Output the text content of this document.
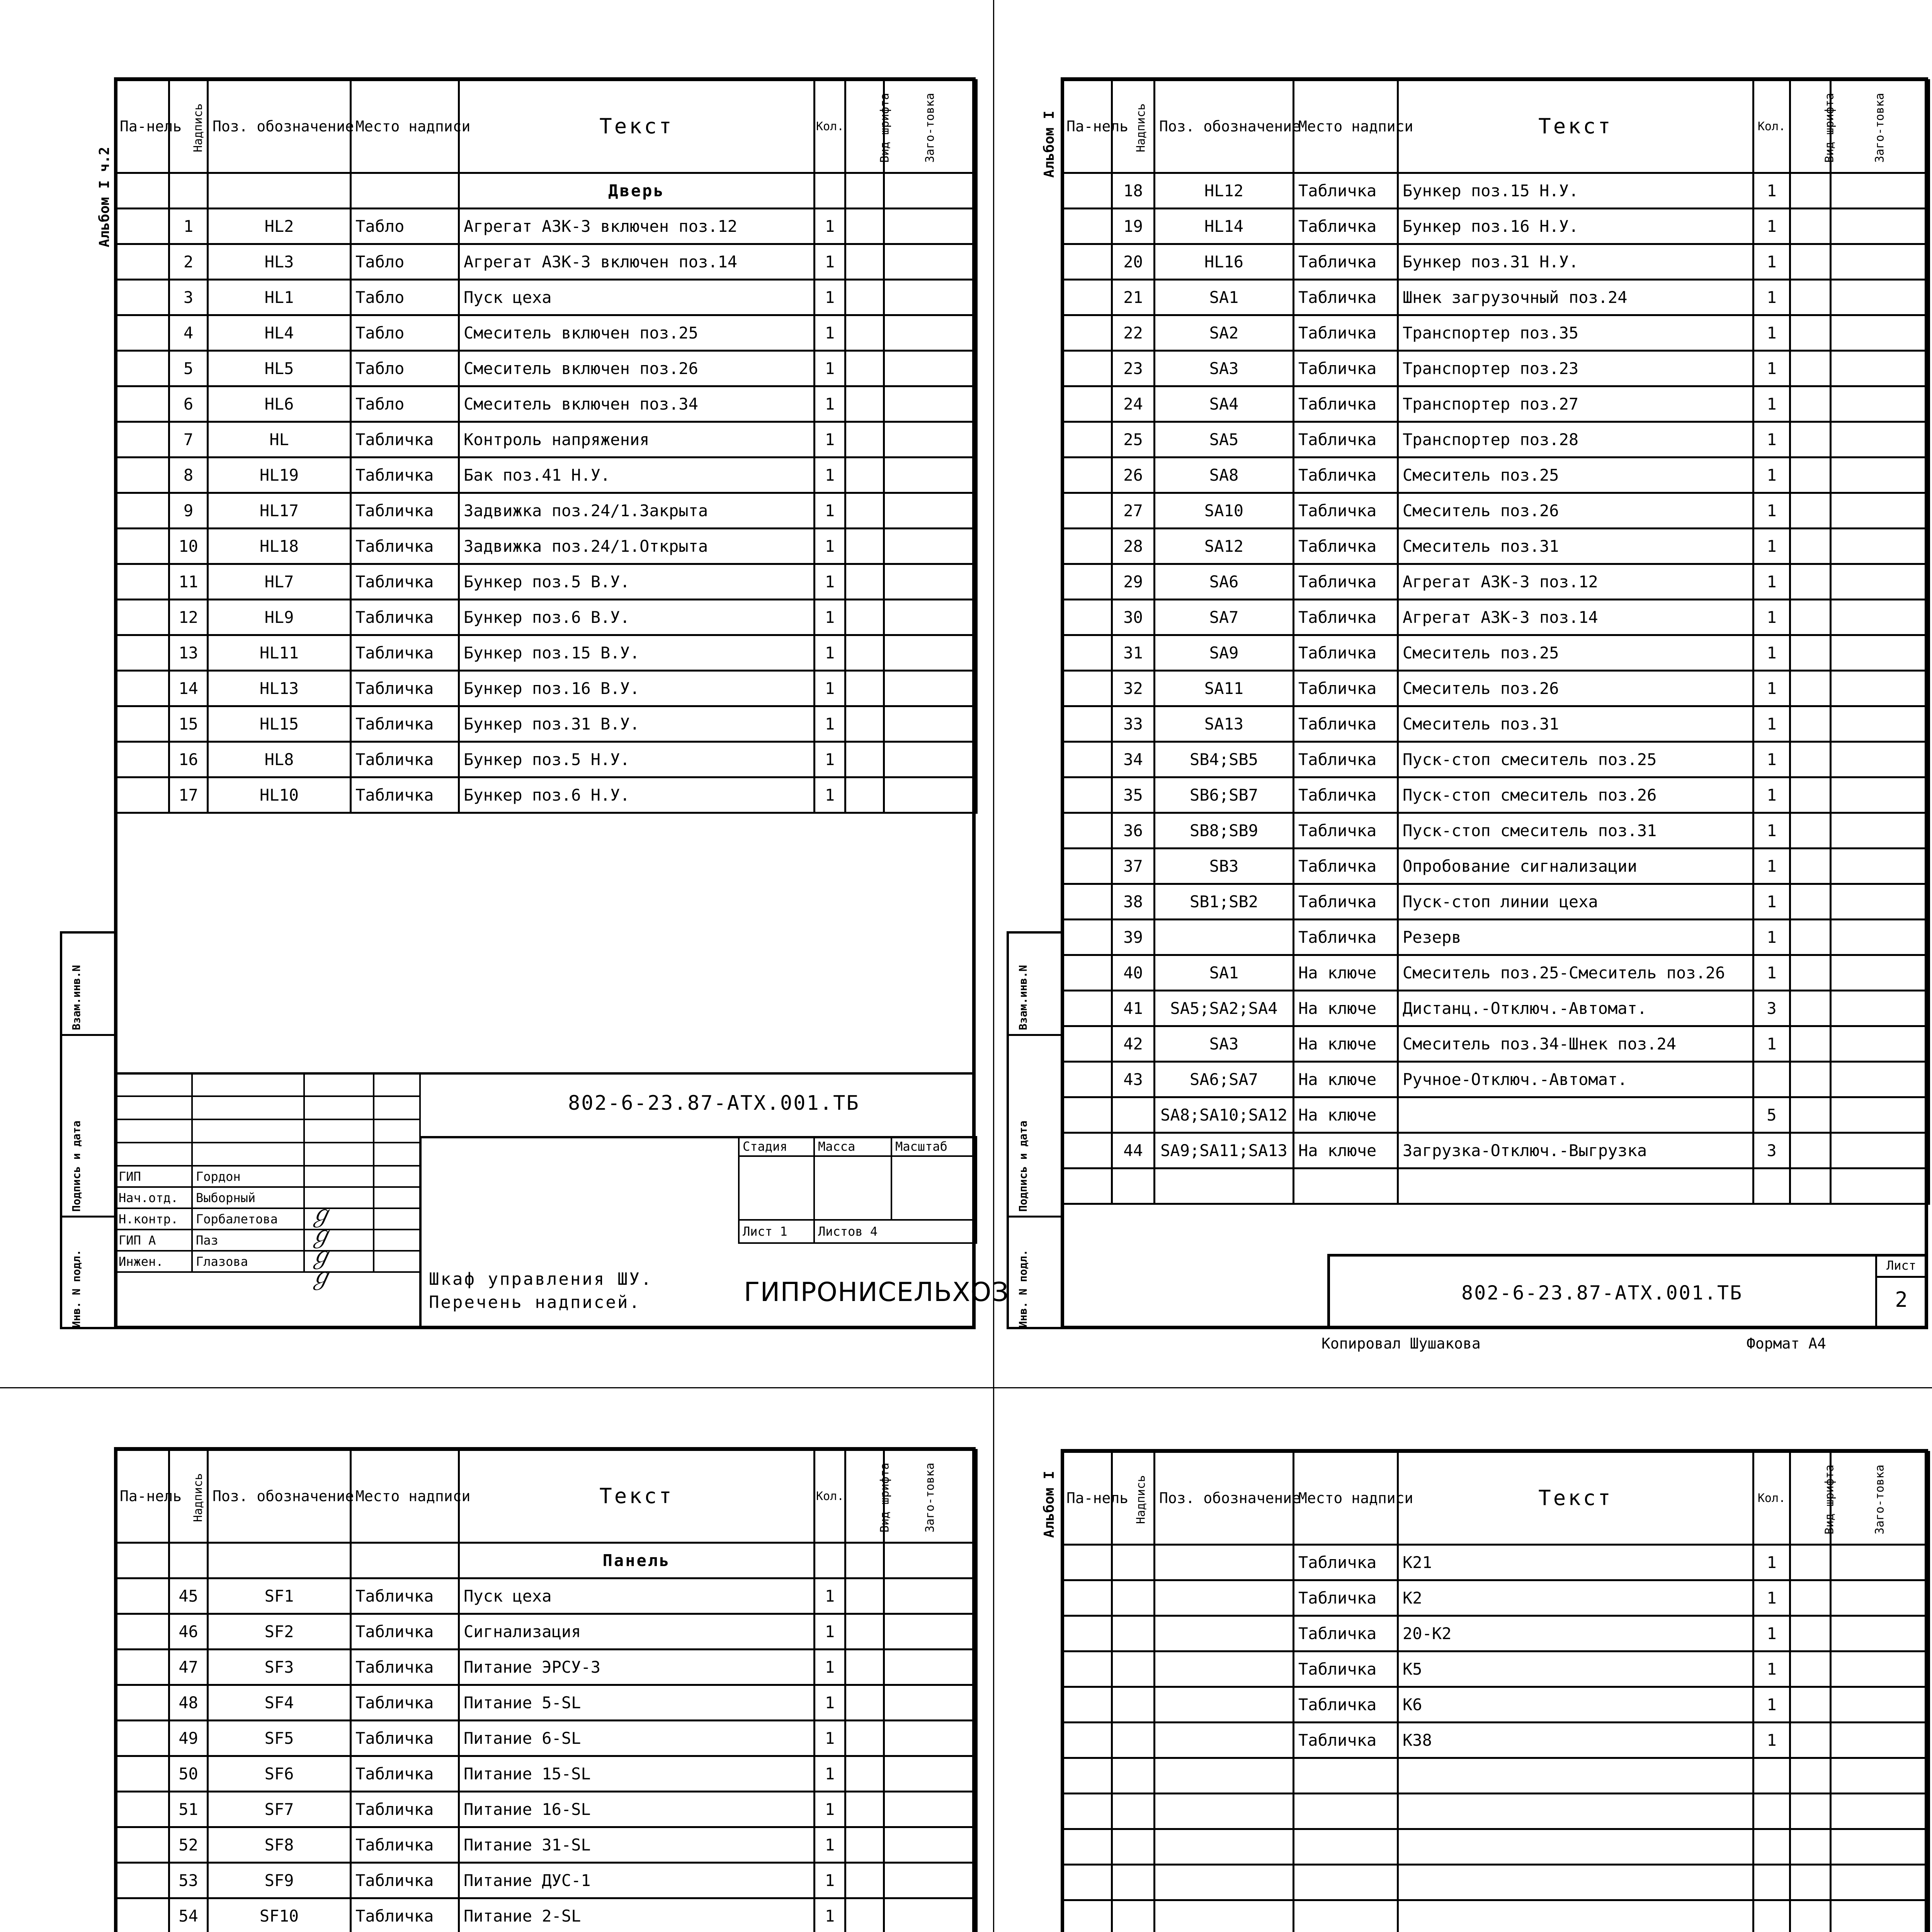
Альбом I ч.2
Па-нель	Надпись	Поз. обозначение	Место надписи	Текст	Кол.	Вид шрифта	Заго-товка
				Дверь			
	1	HL2	Табло	Агрегат АЗК-3 включен поз.12	1		
	2	HL3	Табло	Агрегат АЗК-3 включен поз.14	1		
	3	HL1	Табло	Пуск цеха	1		
	4	HL4	Табло	Смеситель включен поз.25	1		
	5	HL5	Табло	Смеситель включен поз.26	1		
	6	HL6	Табло	Смеситель включен поз.34	1		
	7	HL	Табличка	Контроль напряжения	1		
	8	HL19	Табличка	Бак поз.41 Н.У.	1		
	9	HL17	Табличка	Задвижка поз.24/1.Закрыта	1		
	10	HL18	Табличка	Задвижка поз.24/1.Открыта	1		
	11	HL7	Табличка	Бункер поз.5 В.У.	1		
	12	HL9	Табличка	Бункер поз.6 В.У.	1		
	13	HL11	Табличка	Бункер поз.15 В.У.	1		
	14	HL13	Табличка	Бункер поз.16 В.У.	1		
	15	HL15	Табличка	Бункер поз.31 В.У.	1		
	16	HL8	Табличка	Бункер поз.5 Н.У.	1		
	17	HL10	Табличка	Бункер поз.6 Н.У.	1		

ГИП	Гордон		
Нач.отд.	Выборный		
Н.контр.	Горбалетова		
ГИП А	Паз		
Инжен.	Глазова		
802-6-23.87-АТХ.001.ТБ
Стадия	Масса	Масштаб

Лист 1	Листов 4	
ГИПРОНИСЕЛЬХОЗ
Шкаф управления ШУ.
Перечень надписей.
Взам.инв.N
Подпись и дата
Инв. N подл.
ℊ
ℊ
ℊ
ℊ
Альбом I Па-нель	Надпись	Поз. обозначение	Место надписи	Текст	Кол.	Вид шрифта	Заго-товка
	18	HL12	Табличка	Бункер поз.15 Н.У.	1		
	19	HL14	Табличка	Бункер поз.16 Н.У.	1		
	20	HL16	Табличка	Бункер поз.31 Н.У.	1		
	21	SA1	Табличка	Шнек загрузочный поз.24	1		
	22	SA2	Табличка	Транспортер поз.35	1		
	23	SA3	Табличка	Транспортер поз.23	1		
	24	SA4	Табличка	Транспортер поз.27	1		
	25	SA5	Табличка	Транспортер поз.28	1		
	26	SA8	Табличка	Смеситель поз.25	1		
	27	SA10	Табличка	Смеситель поз.26	1		
	28	SA12	Табличка	Смеситель поз.31	1		
	29	SA6	Табличка	Агрегат АЗК-3 поз.12	1		
	30	SA7	Табличка	Агрегат АЗК-3 поз.14	1		
	31	SA9	Табличка	Смеситель поз.25	1		
	32	SA11	Табличка	Смеситель поз.26	1		
	33	SA13	Табличка	Смеситель поз.31	1		
	34	SB4;SB5	Табличка	Пуск-стоп смеситель поз.25	1		
	35	SB6;SB7	Табличка	Пуск-стоп смеситель поз.26	1		
	36	SB8;SB9	Табличка	Пуск-стоп смеситель поз.31	1		
	37	SB3	Табличка	Опробование сигнализации	1		
	38	SB1;SB2	Табличка	Пуск-стоп линии цеха	1		
	39		Табличка	Резерв	1		
	40	SA1	На ключе	Смеситель поз.25-Смеситель поз.26	1		
	41	SA5;SA2;SA4	На ключе	Дистанц.-Отключ.-Автомат.	3		
	42	SA3	На ключе	Смеситель поз.34-Шнек поз.24	1		
	43	SA6;SA7	На ключе	Ручное-Отключ.-Автомат.			
		SA8;SA10;SA12	На ключе		5		
	44	SA9;SA11;SA13	На ключе	Загрузка-Отключ.-Выгрузка	3		

802-6-23.87-АТХ.001.ТБ
Лист
2
Взам.инв.N
Подпись и дата
Инв. N подл.
Копировал Шушакова	Формат А4
Па-нель	Надпись	Поз. обозначение	Место надписи	Текст	Кол.	Вид шрифта	Заго-товка
				Панель			
	45	SF1	Табличка	Пуск цеха	1		
	46	SF2	Табличка	Сигнализация	1		
	47	SF3	Табличка	Питание ЭРСУ-3	1		
	48	SF4	Табличка	Питание 5-SL	1		
	49	SF5	Табличка	Питание 6-SL	1		
	50	SF6	Табличка	Питание 15-SL	1		
	51	SF7	Табличка	Питание 16-SL	1		
	52	SF8	Табличка	Питание 31-SL	1		
	53	SF9	Табличка	Питание ДУС-1	1		
	54	SF10	Табличка	Питание 2-SL	1		

Альбом I Па-нель	Надпись	Поз. обозначение	Место надписи	Текст	Кол.	Вид шрифта	Заго-товка
			Табличка	К21	1		
			Табличка	К2	1		
			Табличка	20-К2	1		
			Табличка	К5	1		
			Табличка	К6	1		
			Табличка	К38	1		
